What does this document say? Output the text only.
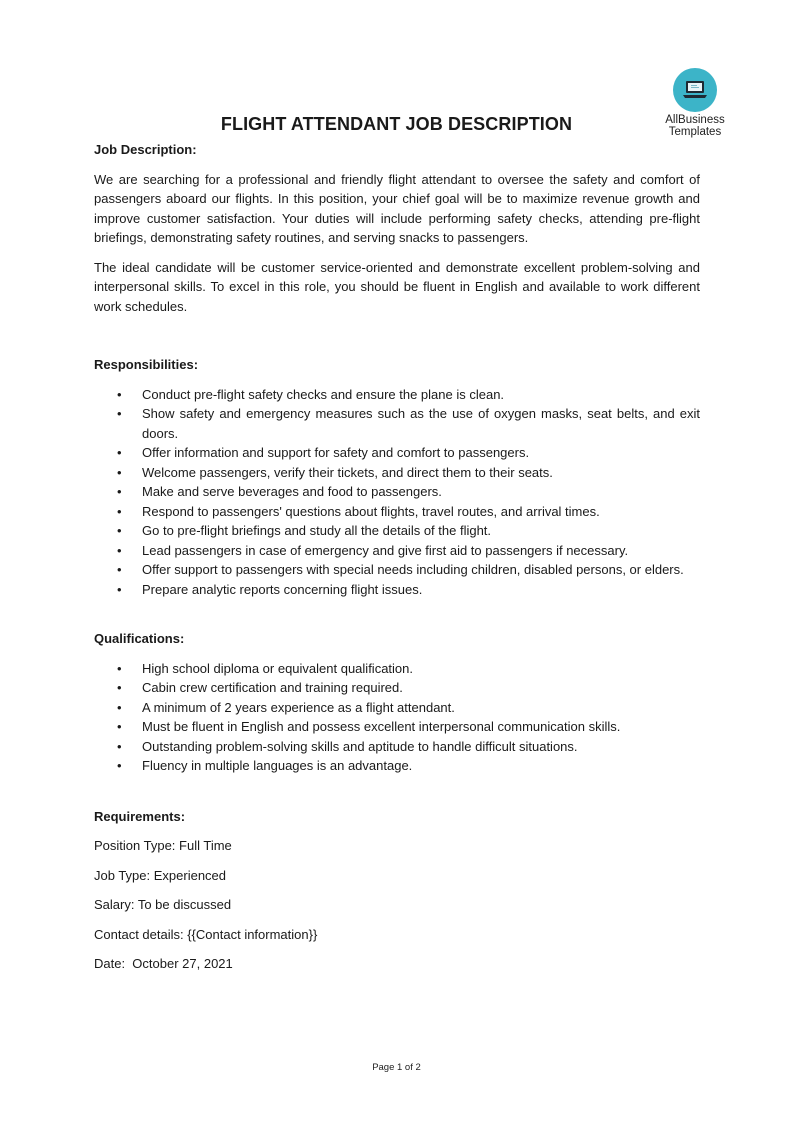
AllBusiness
Templates
FLIGHT ATTENDANT JOB DESCRIPTION

Job Description:

We are searching for a professional and friendly flight attendant to oversee the safety and comfort of passengers aboard our flights. In this position, your chief goal will be to maximize revenue growth and improve customer satisfaction. Your duties will include performing safety checks, attending pre-flight briefings, demonstrating safety routines, and serving snacks to passengers.

The ideal candidate will be customer service-oriented and demonstrate excellent problem-solving and interpersonal skills. To excel in this role, you should be fluent in English and available to work different work schedules.

Responsibilities:

• Conduct pre-flight safety checks and ensure the plane is clean.
• Show safety and emergency measures such as the use of oxygen masks, seat belts, and exit doors.
• Offer information and support for safety and comfort to passengers.
• Welcome passengers, verify their tickets, and direct them to their seats.
• Make and serve beverages and food to passengers.
• Respond to passengers' questions about flights, travel routes, and arrival times.
• Go to pre-flight briefings and study all the details of the flight.
• Lead passengers in case of emergency and give first aid to passengers if necessary.
• Offer support to passengers with special needs including children, disabled persons, or elders.
• Prepare analytic reports concerning flight issues.

Qualifications:

• High school diploma or equivalent qualification.
• Cabin crew certification and training required.
• A minimum of 2 years experience as a flight attendant.
• Must be fluent in English and possess excellent interpersonal communication skills.
• Outstanding problem-solving skills and aptitude to handle difficult situations.
• Fluency in multiple languages is an advantage.

Requirements:

Position Type: Full Time

Job Type: Experienced

Salary: To be discussed

Contact details: {{Contact information}}

Date:  October 27, 2021

Page 1 of 2
